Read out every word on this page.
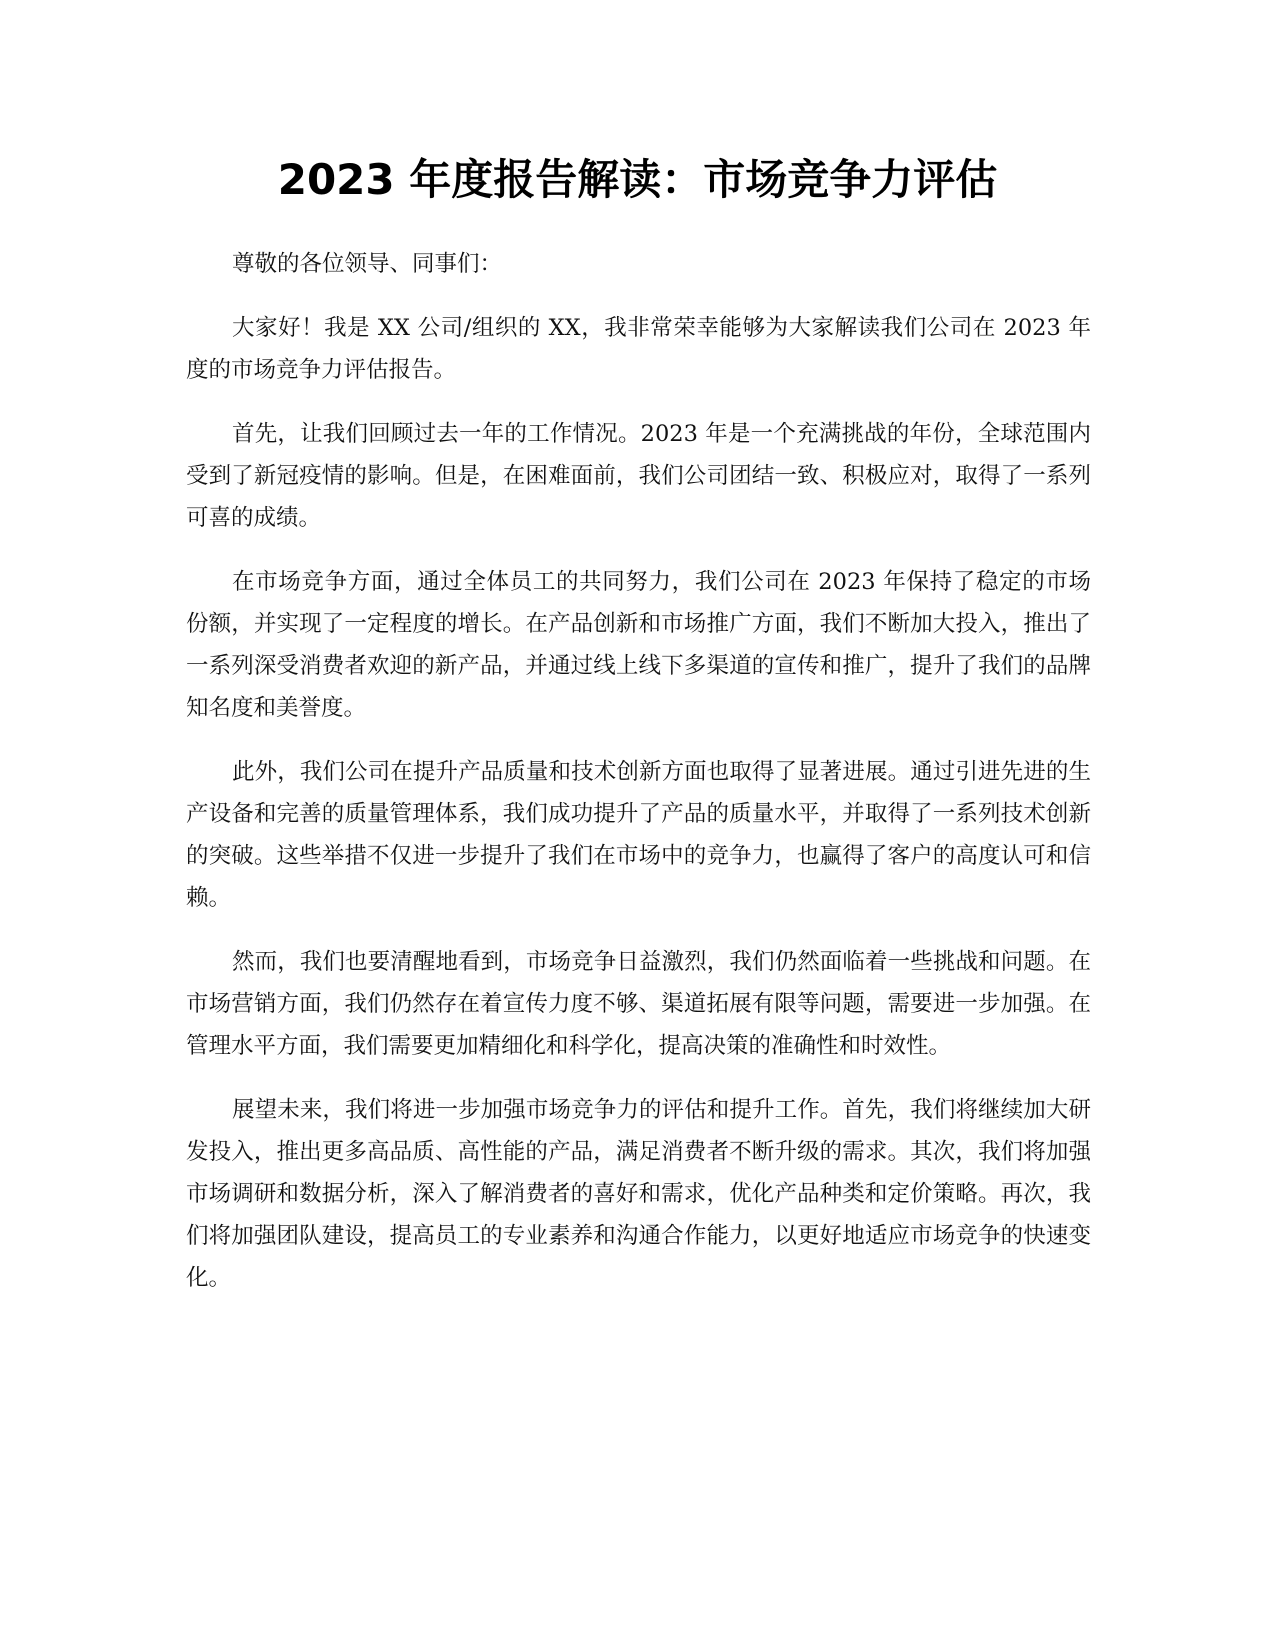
2023 年度报告解读：市场竞争力评估

尊敬的各位领导、同事们：

大家好！我是 XX 公司/组织的 XX，我非常荣幸能够为大家解读我们公司在 2023 年度的市场竞争力评估报告。

首先，让我们回顾过去一年的工作情况。2023 年是一个充满挑战的年份，全球范围内受到了新冠疫情的影响。但是，在困难面前，我们公司团结一致、积极应对，取得了一系列可喜的成绩。

在市场竞争方面，通过全体员工的共同努力，我们公司在 2023 年保持了稳定的市场份额，并实现了一定程度的增长。在产品创新和市场推广方面，我们不断加大投入，推出了一系列深受消费者欢迎的新产品，并通过线上线下多渠道的宣传和推广，提升了我们的品牌知名度和美誉度。

此外，我们公司在提升产品质量和技术创新方面也取得了显著进展。通过引进先进的生产设备和完善的质量管理体系，我们成功提升了产品的质量水平，并取得了一系列技术创新的突破。这些举措不仅进一步提升了我们在市场中的竞争力，也赢得了客户的高度认可和信赖。

然而，我们也要清醒地看到，市场竞争日益激烈，我们仍然面临着一些挑战和问题。在市场营销方面，我们仍然存在着宣传力度不够、渠道拓展有限等问题，需要进一步加强。在管理水平方面，我们需要更加精细化和科学化，提高决策的准确性和时效性。

展望未来，我们将进一步加强市场竞争力的评估和提升工作。首先，我们将继续加大研发投入，推出更多高品质、高性能的产品，满足消费者不断升级的需求。其次，我们将加强市场调研和数据分析，深入了解消费者的喜好和需求，优化产品种类和定价策略。再次，我们将加强团队建设，提高员工的专业素养和沟通合作能力，以更好地适应市场竞争的快速变化。
